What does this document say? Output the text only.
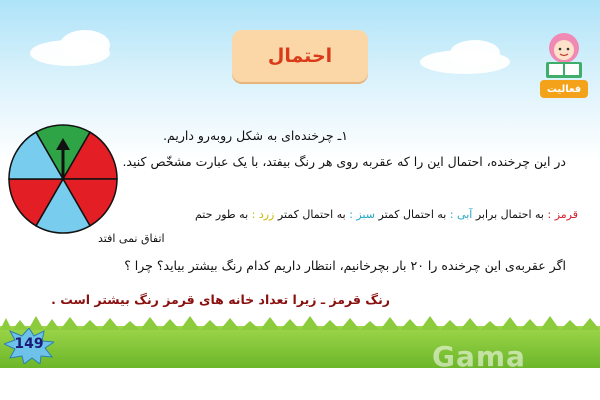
احتمال
فعالیت
۱ـ چرخنده‌ای به شکل روبه‌رو داریم.
در این چرخنده، احتمال این را که عقربه روی هر رنگ بیفتد، با یک عبارت مشخّص کنید.
قرمز : به احتمال برابر آبی : به احتمال کمتر سبز : به احتمال کمتر زرد : به طور حتم
اتفاق نمی افتد
اگر عقربه‌ی این چرخنده را ۲۰ بار بچرخانیم، انتظار داریم کدام رنگ بیشتر بیاید؟ چرا ؟
رنگ قرمز ـ زیرا تعداد خانه های قرمز رنگ بیشتر است .
149	Gama
